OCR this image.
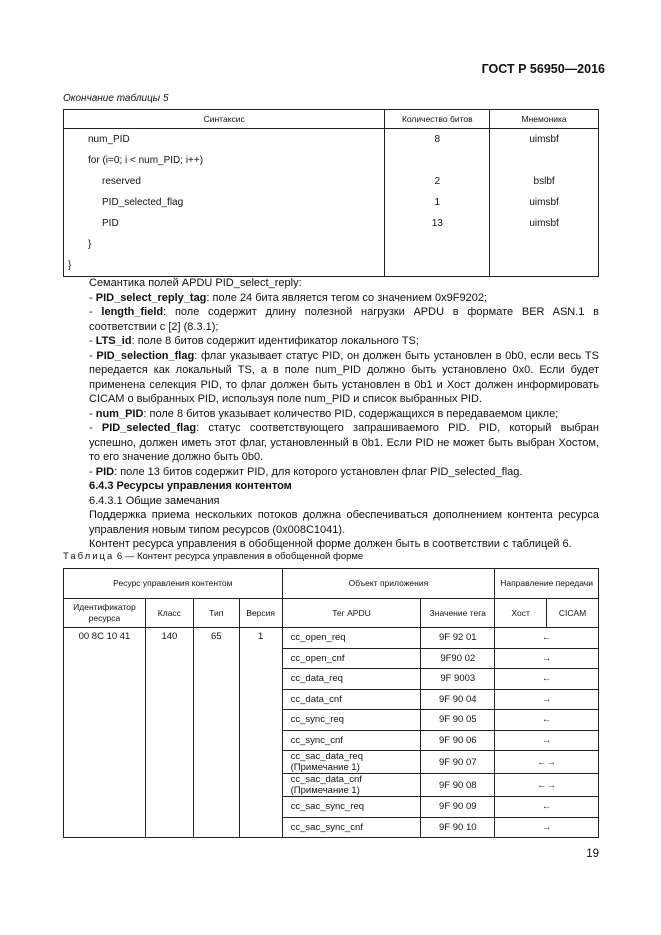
ГОСТ Р 56950—2016
Окончание таблицы 5
Синтаксис	Количество битов	Мнемоника
num_PID	8	uimsbf
for (i=0; i < num_PID; i++)		
reserved	2	bslbf
PID_selected_flag	1	uimsbf
PID	13	uimsbf
}		
}		

Семантика полей APDU PID_select_reply:

- PID_select_reply_tag: поле 24 бита является тегом со значением 0x9F9202;

- length_field: поле содержит длину полезной нагрузки APDU в формате BER ASN.1 в соответствии с [2] (8.3.1);

- LTS_id: поле 8 битов содержит идентификатор локального TS;

- PID_selection_flag: флаг указывает статус PID, он должен быть установлен в 0b0, если весь TS передается как локальный TS, а в поле num_PID должно быть установлено 0x0. Если будет применена селекция PID, то флаг должен быть установлен в 0b1 и Хост должен информировать CICAM о выбранных PID, используя поле num_PID и список выбранных PID.

- num_PID: поле 8 битов указывает количество PID, содержащихся в передаваемом цикле;

- PID_selected_flag: статус соответствующего запрашиваемого PID. PID, который выбран успешно, должен иметь этот флаг, установленный в 0b1. Если PID не может быть выбран Хостом, то его значение должно быть 0b0.

- PID: поле 13 битов содержит PID, для которого установлен флаг PID_selected_flag.

6.4.3 Ресурсы управления контентом

6.4.3.1 Общие замечания

Поддержка приема нескольких потоков должна обеспечиваться дополнением контента ресурса управления новым типом ресурсов (0x008C1041).

Контент ресурса управления в обобщенной форме должен быть в соответствии с таблицей 6.

Таблица 6 — Контент ресурса управления в обобщенной форме
Ресурс управления контентом				Объект приложения		Направление передачи	
Идентификатор ресурса	Класс	Тип	Версия	Тег APDU	Значение тега	Хост	CICAM
00 8C 10 41	140	65	1	cc_open_req	9F 92 01	←	
				cc_open_cnf	9F90 02	→	
				cc_data_req	9F 9003	←	
				cc_data_cnf	9F 90 04	→	
				cc_sync_req	9F 90 05	←	
				cc_sync_cnf	9F 90 06	→	
				cc_sac_data_req (Примечание 1)	9F 90 07	←→	
				cc_sac_data_cnf (Примечание 1)	9F 90 08	←→	
				cc_sac_sync_req	9F 90 09	←	
				cc_sac_sync_cnf	9F 90 10	→	
19
